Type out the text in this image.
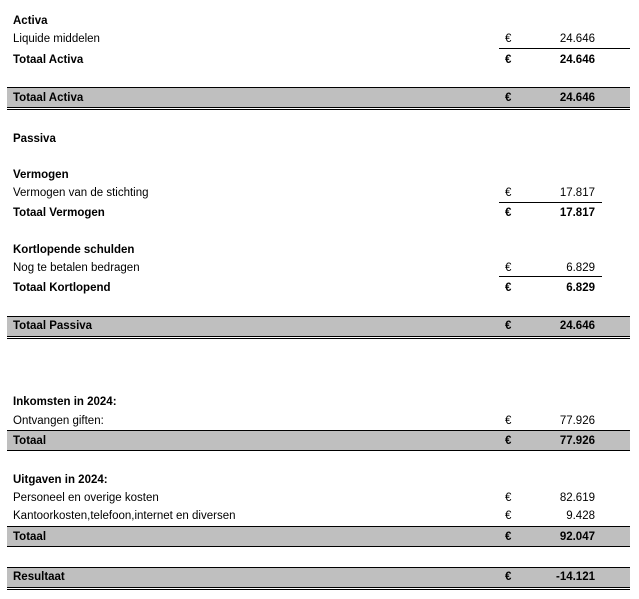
Activa
Liquide middelen	€	24.646
Totaal Activa	€	24.646
Totaal Activa	€	24.646
Passiva
Vermogen
Vermogen van de stichting	€	17.817
Totaal Vermogen	€	17.817
Kortlopende schulden
Nog te betalen bedragen	€	6.829
Totaal Kortlopend	€	6.829
Totaal Passiva	€	24.646
Inkomsten in 2024:
Ontvangen giften:	€	77.926
Totaal	€	77.926
Uitgaven in 2024:
Personeel en overige kosten	€	82.619
Kantoorkosten,telefoon,internet en diversen	€	9.428
Totaal	€	92.047
Resultaat	€	-14.121
